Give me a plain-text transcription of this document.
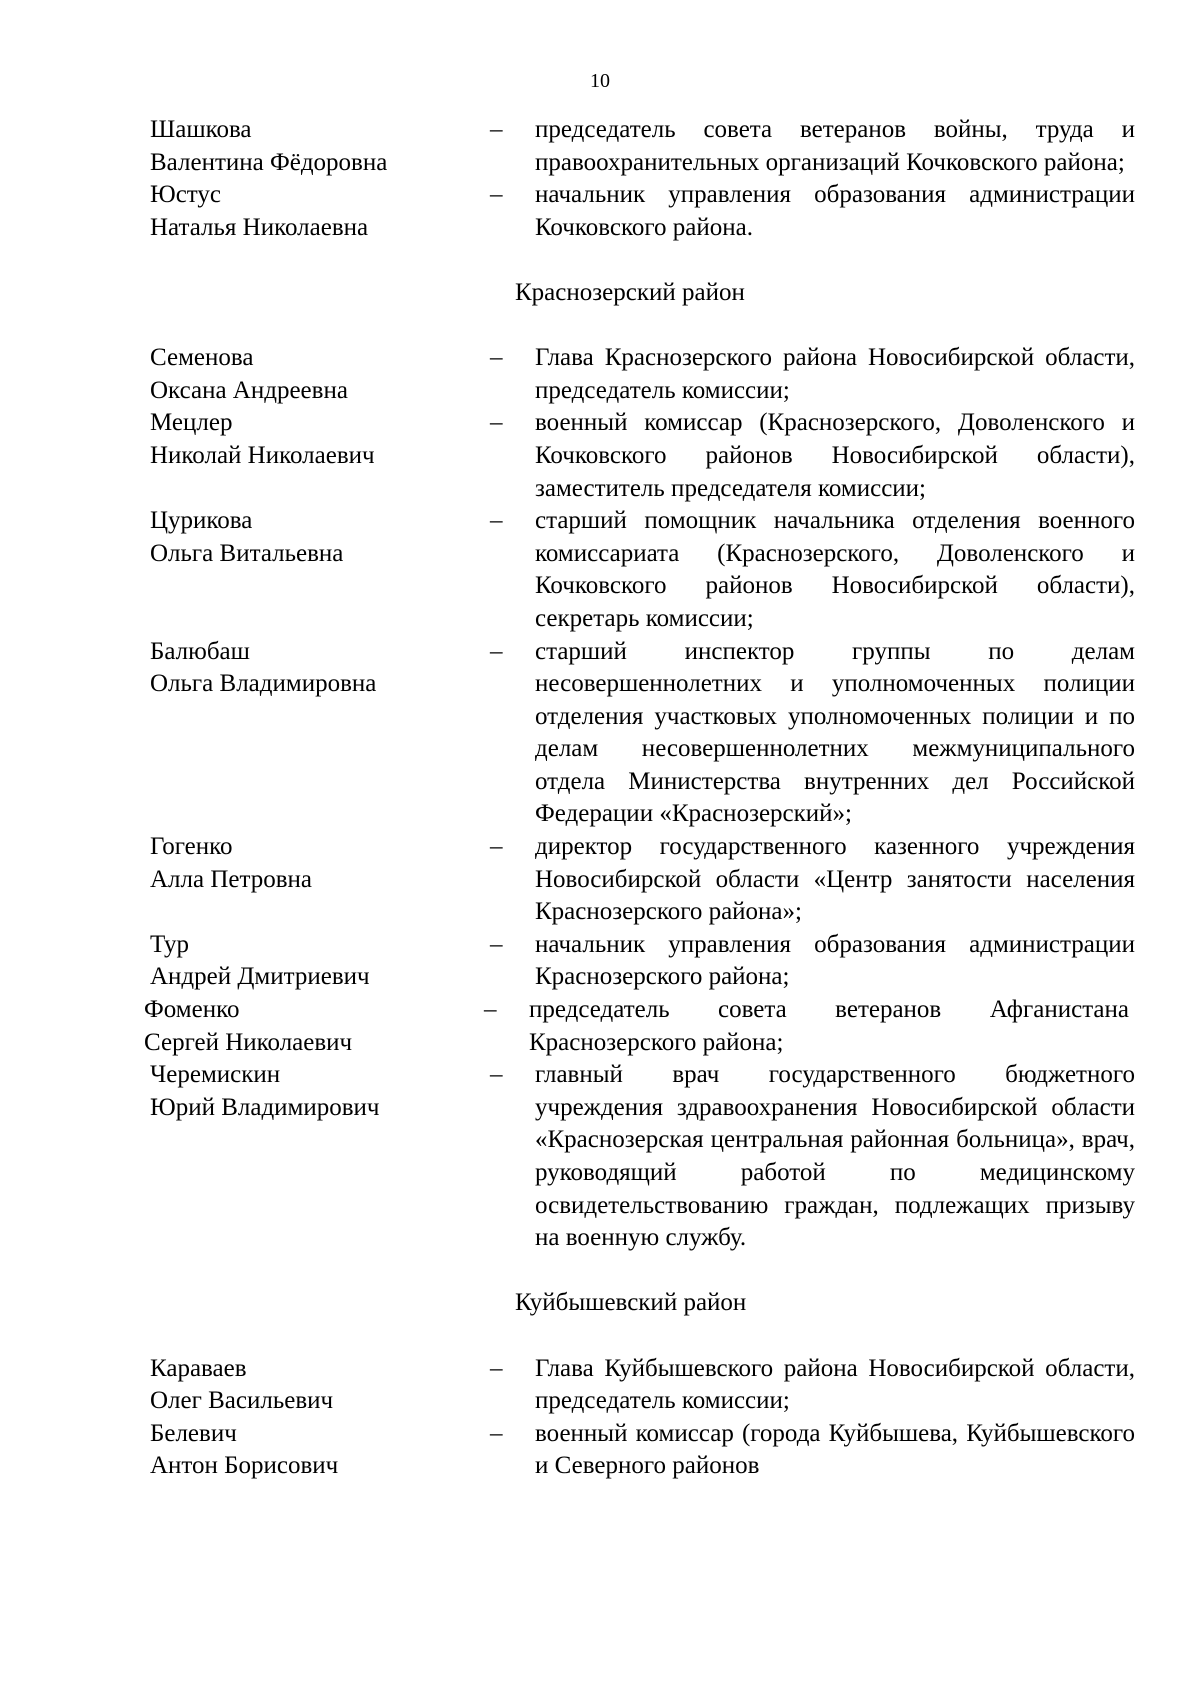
10
Шашкова
Валентина Фёдоровна
–	председатель совета ветеранов войны, труда и правоохранительных организаций Кочковского района;
Юстус
Наталья Николаевна
–	начальник управления образования администрации Кочковского района.
Краснозерский район
Семенова
Оксана Андреевна
–	Глава Краснозерского района Новосибирской области, председатель комиссии;
Мецлер
Николай Николаевич
–	военный комиссар (Краснозерского, Доволенского и Кочковского районов Новосибирской области), заместитель председателя комиссии;
Цурикова
Ольга Витальевна
–	старший помощник начальника отделения военного комиссариата (Краснозерского, Доволенского и Кочковского районов Новосибирской области), секретарь комиссии;
Балюбаш
Ольга Владимировна
–	старший инспектор группы по делам несовершеннолетних и уполномоченных полиции отделения участковых уполномоченных полиции и по делам несовершеннолетних межмуниципального отдела Министерства внутренних дел Российской Федерации «Краснозерский»;
Гогенко
Алла Петровна
–	директор государственного казенного учреждения Новосибирской области «Центр занятости населения Краснозерского района»;
Тур
Андрей Дмитриевич
–	начальник управления образования администрации Краснозерского района;
Фоменко
Сергей Николаевич
–	председатель совета ветеранов Афганистана Краснозерского района;
Черемискин
Юрий Владимирович
–	главный врач государственного бюджетного учреждения здравоохранения Новосибирской области «Краснозерская центральная районная больница», врач, руководящий работой по медицинскому освидетельствованию граждан, подлежащих призыву на военную службу.
Куйбышевский район
Караваев
Олег Васильевич
–	Глава Куйбышевского района Новосибирской области, председатель комиссии;
Белевич
Антон Борисович
–	военный комиссар (города Куйбышева, Куйбышевского и Северного районов
